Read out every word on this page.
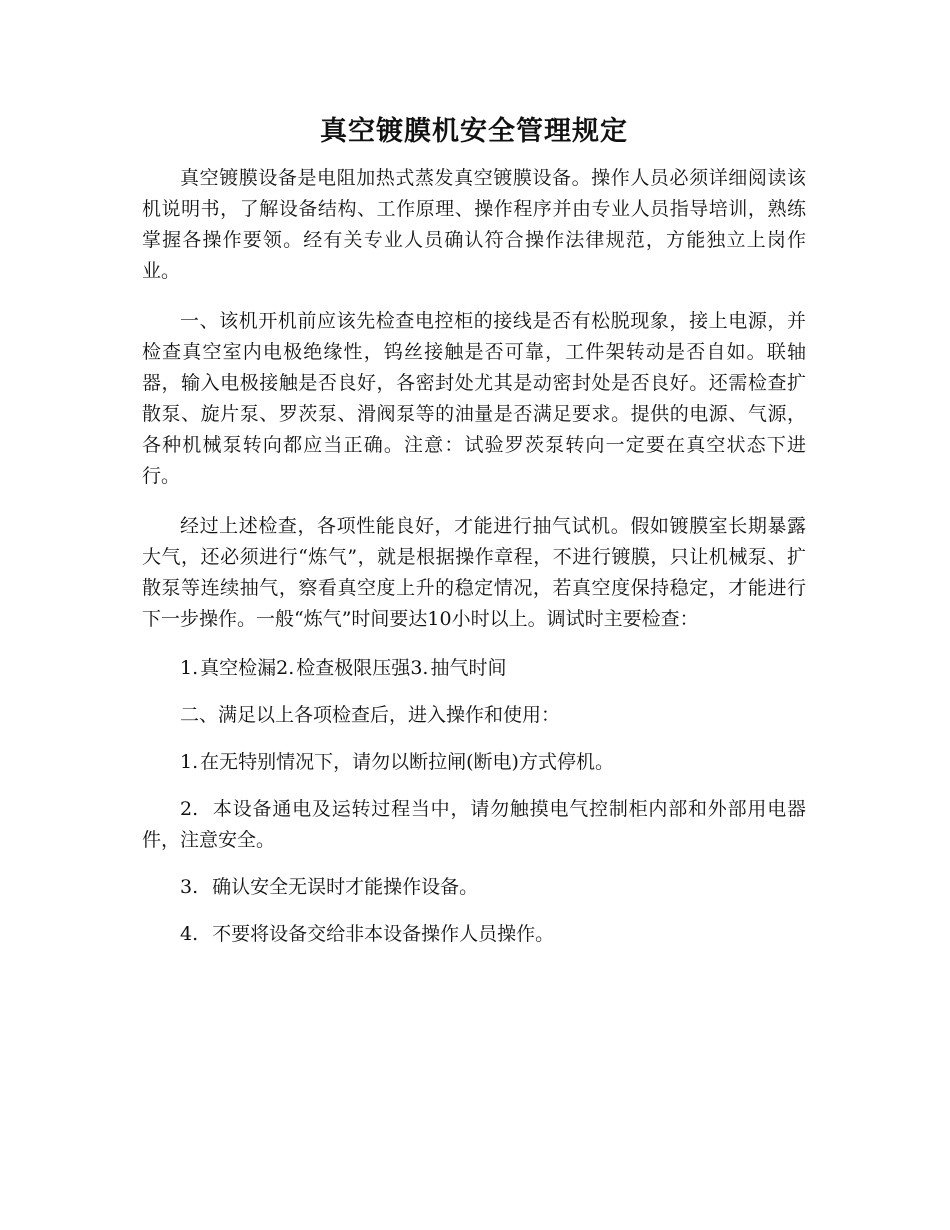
真空镀膜机安全管理规定

真空镀膜设备是电阻加热式蒸发真空镀膜设备。操作人员必须详细阅读该机说明书，了解设备结构、工作原理、操作程序并由专业人员指导培训，熟练掌握各操作要领。经有关专业人员确认符合操作法律规范，方能独立上岗作业。

一、该机开机前应该先检查电控柜的接线是否有松脱现象，接上电源，并检查真空室内电极绝缘性，钨丝接触是否可靠，工件架转动是否自如。联轴器，输入电极接触是否良好，各密封处尤其是动密封处是否良好。还需检查扩散泵、旋片泵、罗茨泵、滑阀泵等的油量是否满足要求。提供的电源、气源，各种机械泵转向都应当正确。注意：试验罗茨泵转向一定要在真空状态下进行。

经过上述检查，各项性能良好，才能进行抽气试机。假如镀膜室长期暴露大气，还必须进行“炼气”，就是根据操作章程，不进行镀膜，只让机械泵、扩散泵等连续抽气，察看真空度上升的稳定情况，若真空度保持稳定，才能进行下一步操作。一般“炼气”时间要达10小时以上。调试时主要检查：

1. 真空检漏2. 检查极限压强3. 抽气时间

二、满足以上各项检查后，进入操作和使用：

1. 在无特别情况下，请勿以断拉闸(断电)方式停机。

2. 本设备通电及运转过程当中，请勿触摸电气控制柜内部和外部用电器件，注意安全。

3. 确认安全无误时才能操作设备。

4. 不要将设备交给非本设备操作人员操作。
